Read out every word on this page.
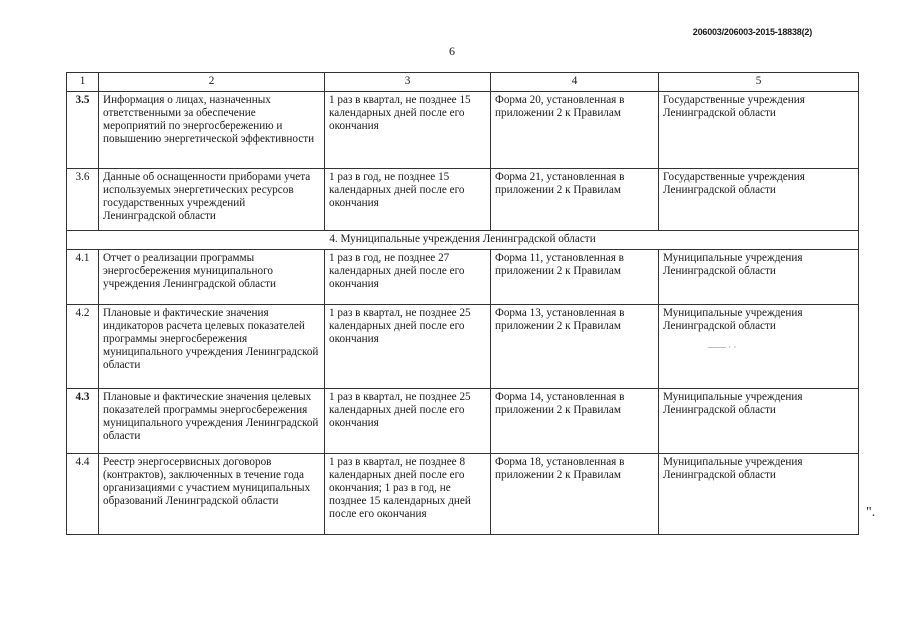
206003/206003-2015-18838(2)
6
1	2	3	4	5
3.5	Информация о лицах, назначенных ответственными за обеспечение мероприятий по энергосбережению и повышению энергетической эффективности	1 раз в квартал, не позднее 15 календарных дней после его окончания	Форма 20, установленная в приложении 2 к Правилам	Государственные учреждения Ленинградской области
3.6	Данные об оснащенности приборами учета используемых энергетических ресурсов государственных учреждений Ленинградской области	1 раз в год, не позднее 15 календарных дней после его окончания	Форма 21, установленная в приложении 2 к Правилам	Государственные учреждения Ленинградской области
4. Муниципальные учреждения Ленинградской области				
4.1	Отчет о реализации программы энергосбережения муниципального учреждения Ленинградской области	1 раз в год, не позднее 27 календарных дней после его окончания	Форма 11, установленная в приложении 2 к Правилам	Муниципальные учреждения Ленинградской области
4.2	Плановые и фактические значения индикаторов расчета целевых показателей программы энергосбережения муниципального учреждения Ленинградской области	1 раз в квартал, не позднее 25 календарных дней после его окончания	Форма 13, установленная в приложении 2 к Правилам	Муниципальные учреждения Ленинградской области
4.3	Плановые и фактические значения целевых показателей программы энергосбережения муниципального учреждения Ленинградской области	1 раз в квартал, не позднее 25 календарных дней после его окончания	Форма 14, установленная в приложении 2 к Правилам	Муниципальные учреждения Ленинградской области
4.4	Реестр энергосервисных договоров (контрактов), заключенных в течение года организациями с участием муниципальных образований Ленинградской области	1 раз в квартал, не позднее 8 календарных дней после его окончания; 1 раз в год, не позднее 15 календарных дней после его окончания	Форма 18, установленная в приложении 2 к Правилам	Муниципальные учреждения Ленинградской области
—— · ·
".
